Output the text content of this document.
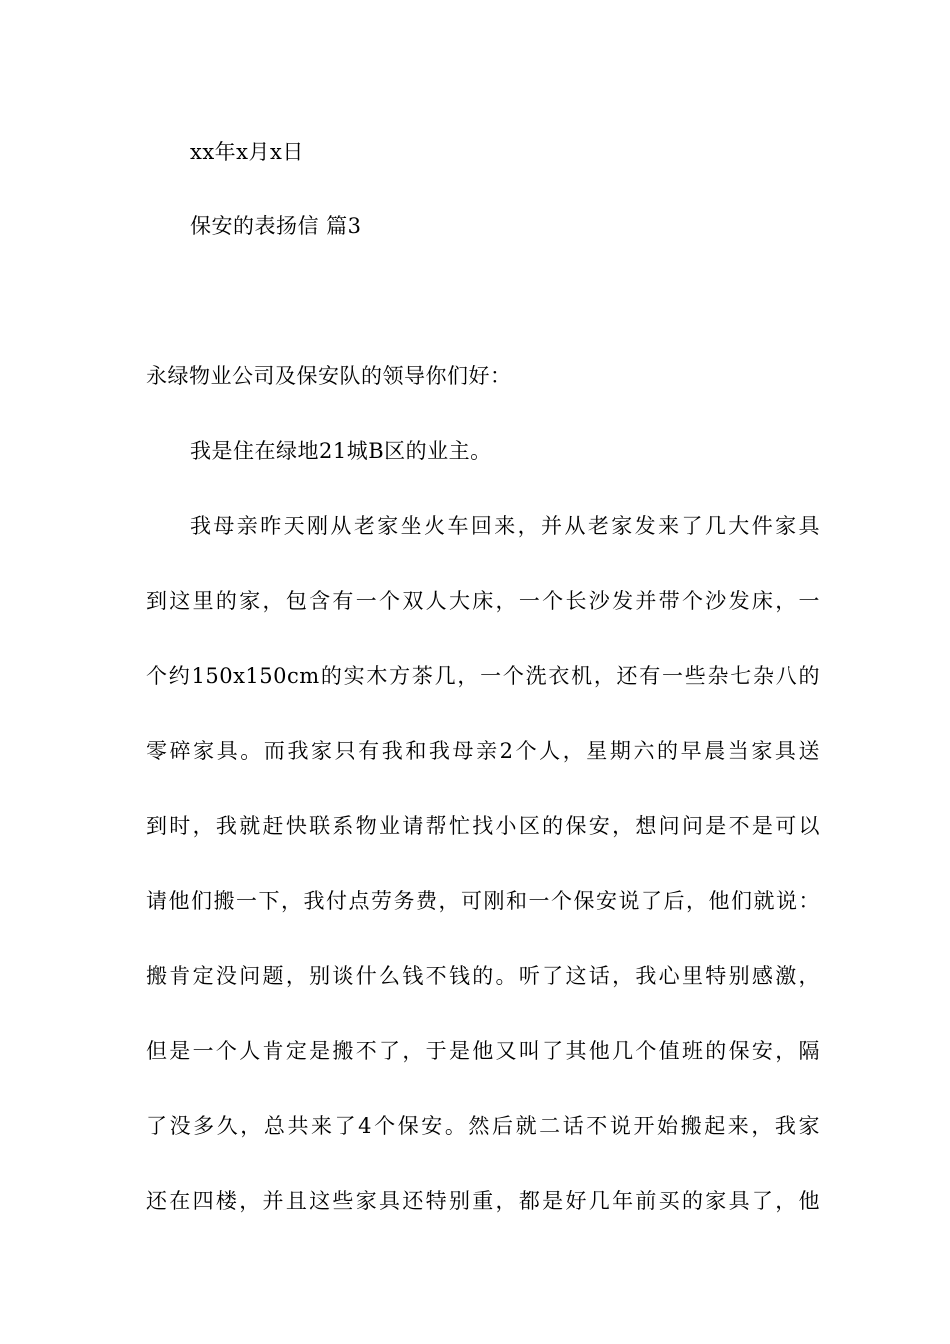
xx年x月x日
保安的表扬信 篇3
永绿物业公司及保安队的领导你们好：
我是住在绿地21城B区的业主。
我母亲昨天刚从老家坐火车回来，并从老家发来了几大件家具
到这里的家，包含有一个双人大床，一个长沙发并带个沙发床，一
个约150x150cm的实木方茶几，一个洗衣机，还有一些杂七杂八的
零碎家具。而我家只有我和我母亲2个人，星期六的早晨当家具送
到时，我就赶快联系物业请帮忙找小区的保安，想问问是不是可以
请他们搬一下，我付点劳务费，可刚和一个保安说了后，他们就说：
搬肯定没问题，别谈什么钱不钱的。听了这话，我心里特别感激，
但是一个人肯定是搬不了，于是他又叫了其他几个值班的保安，隔
了没多久，总共来了4个保安。然后就二话不说开始搬起来，我家
还在四楼，并且这些家具还特别重，都是好几年前买的家具了，他
